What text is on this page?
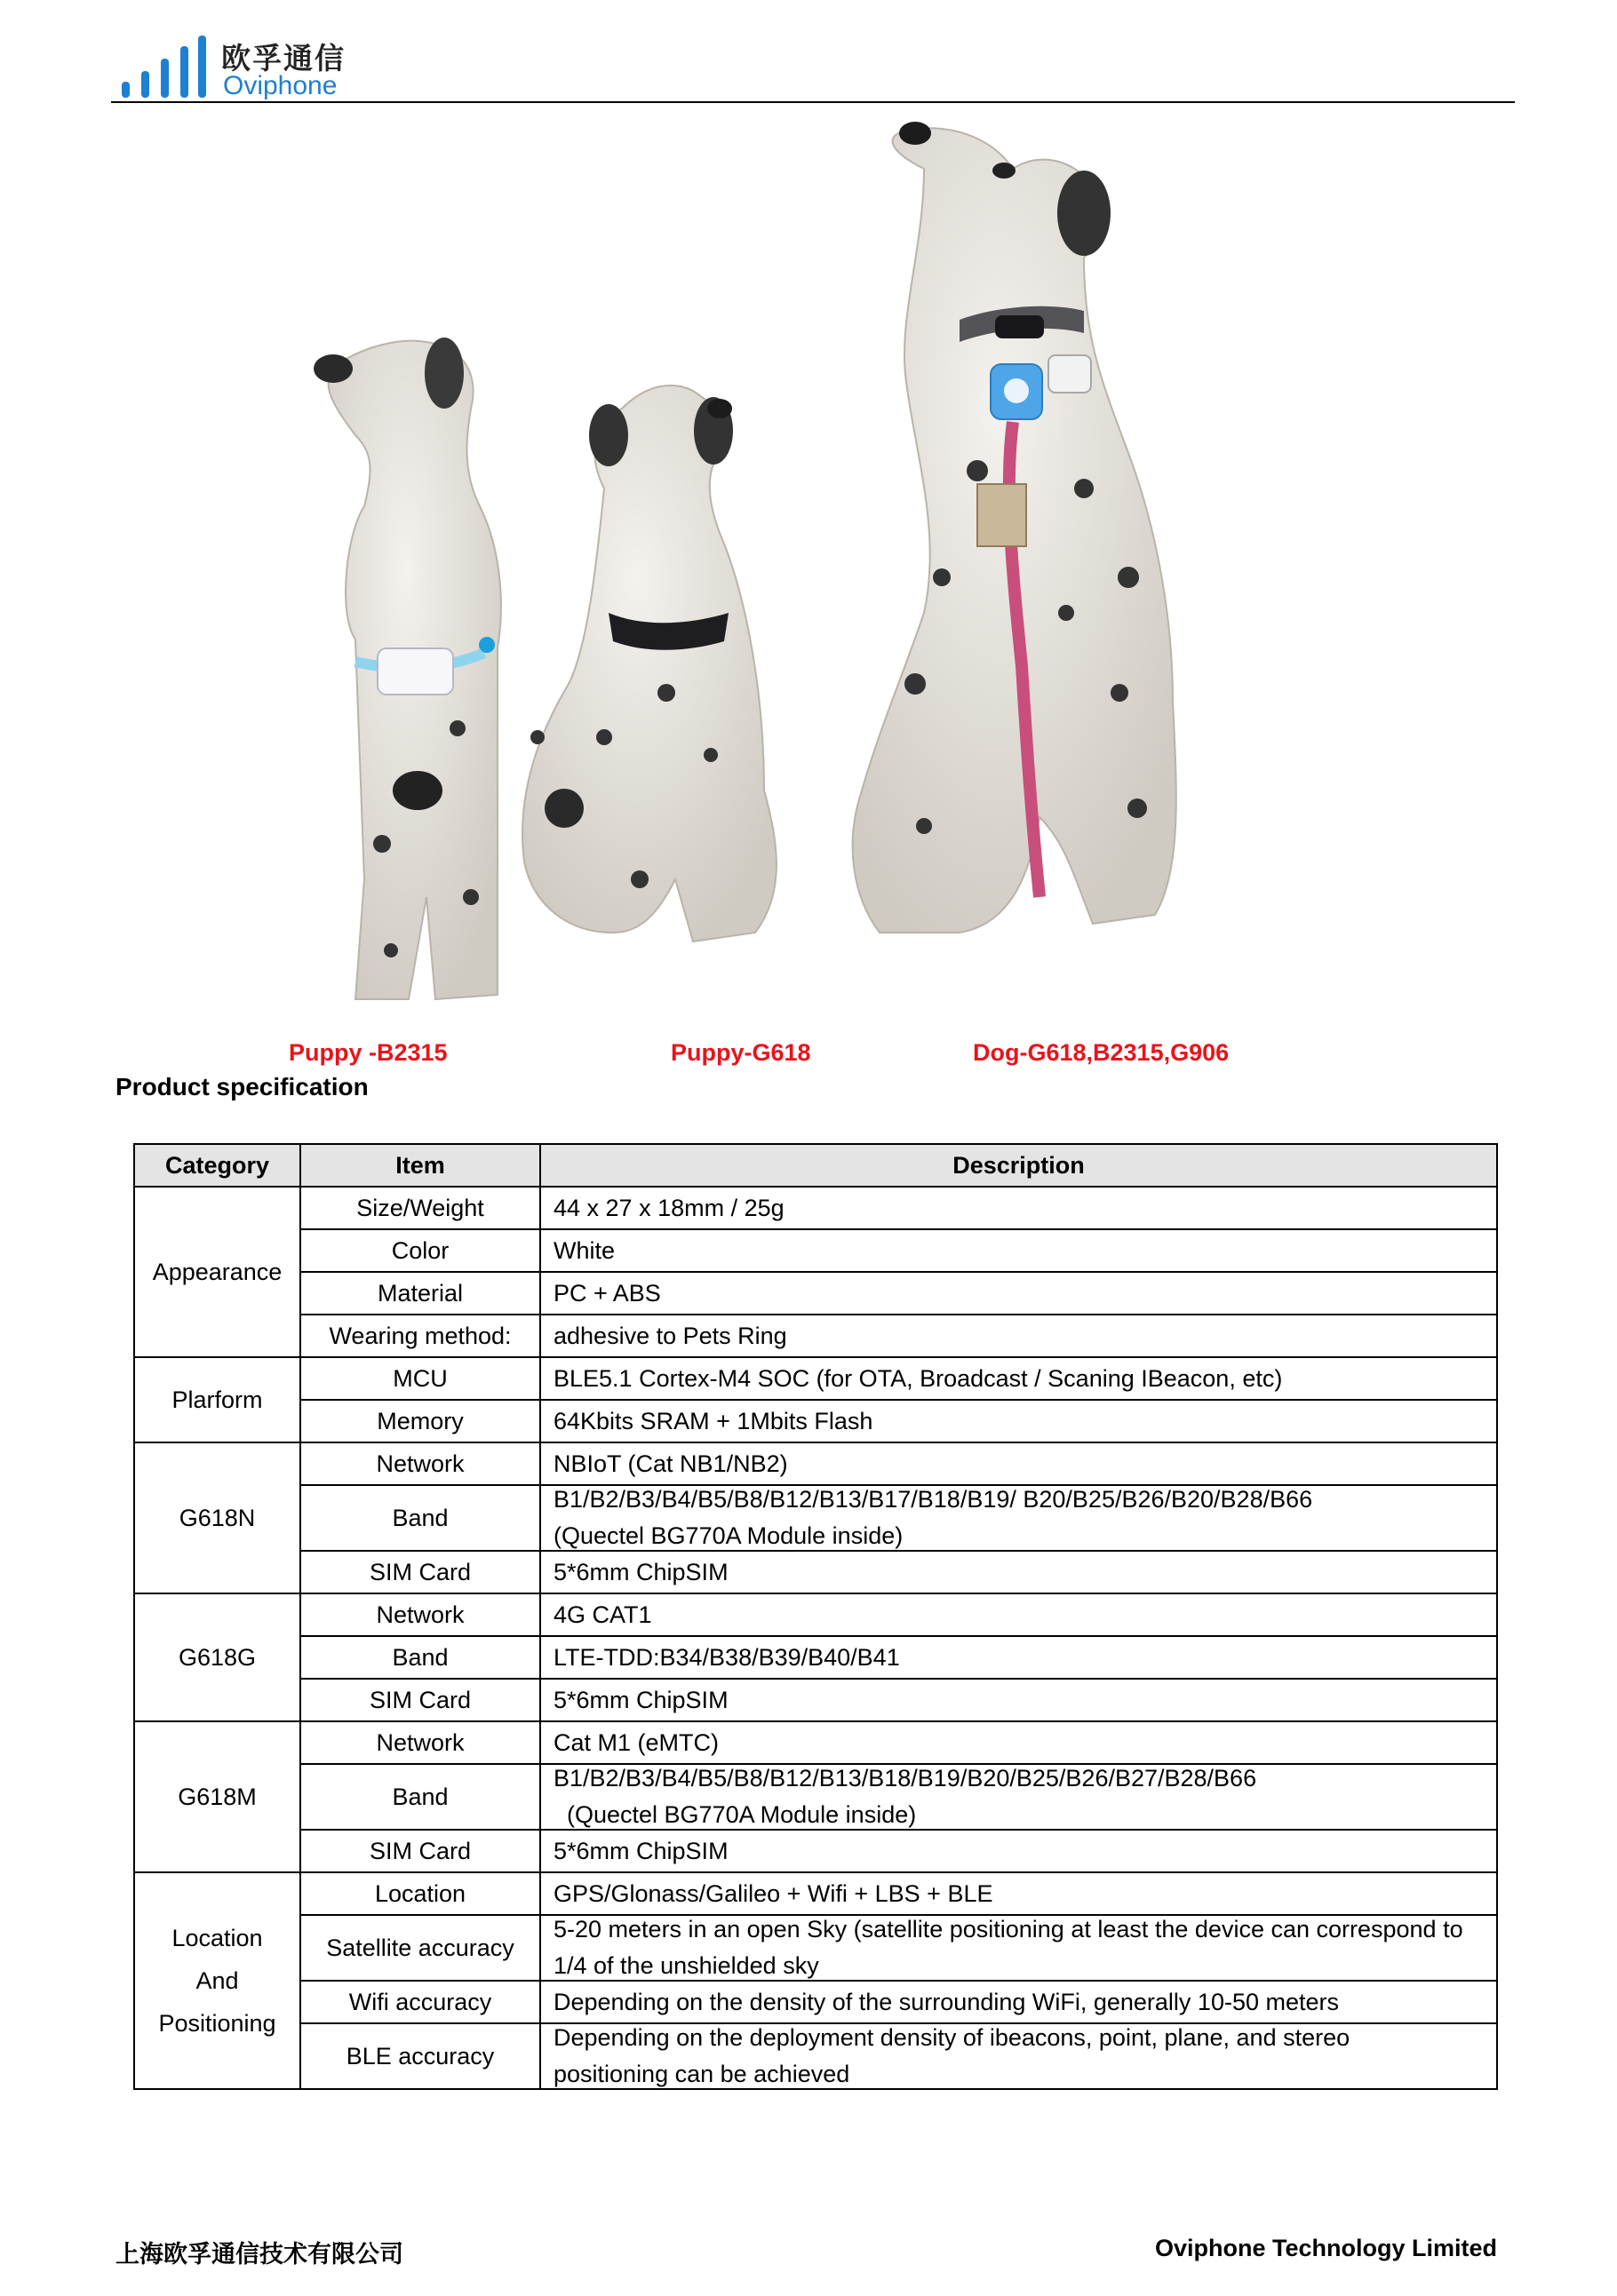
欧孚通信
Oviphone
Puppy -B2315	Puppy-G618	Dog-G618,B2315,G906
Product specification
Category	Item	Description
Appearance	Size/Weight	44 x 27 x 18mm / 25g
	Color	White
	Material	PC + ABS
	Wearing method:	adhesive to Pets Ring
Plarform	MCU	BLE5.1 Cortex-M4 SOC (for OTA, Broadcast / Scaning IBeacon, etc)
	Memory	64Kbits SRAM + 1Mbits Flash
G618N	Network	NBIoT (Cat NB1/NB2)
	Band	B1/B2/B3/B4/B5/B8/B12/B13/B17/B18/B19/ B20/B25/B26/B20/B28/B66
(Quectel BG770A Module inside)

	SIM Card	5*6mm ChipSIM
G618G	Network	4G CAT1
	Band	LTE-TDD:B34/B38/B39/B40/B41
	SIM Card	5*6mm ChipSIM
G618M	Network	Cat M1 (eMTC)
	Band	B1/B2/B3/B4/B5/B8/B12/B13/B18/B19/B20/B25/B26/B27/B28/B66
(Quectel BG770A Module inside)

	SIM Card	5*6mm ChipSIM

Location
And
Positioning	Location	GPS/Glonass/Galileo + Wifi + LBS + BLE
	Satellite accuracy	5-20 meters in an open Sky (satellite positioning at least the device can correspond to
1/4 of the unshielded sky

	Wifi accuracy	Depending on the density of the surrounding WiFi, generally 10-50 meters
	BLE accuracy	Depending on the deployment density of ibeacons, point, plane, and stereo
positioning can be achieved
上海欧孚通信技术有限公司	Oviphone Technology Limited
